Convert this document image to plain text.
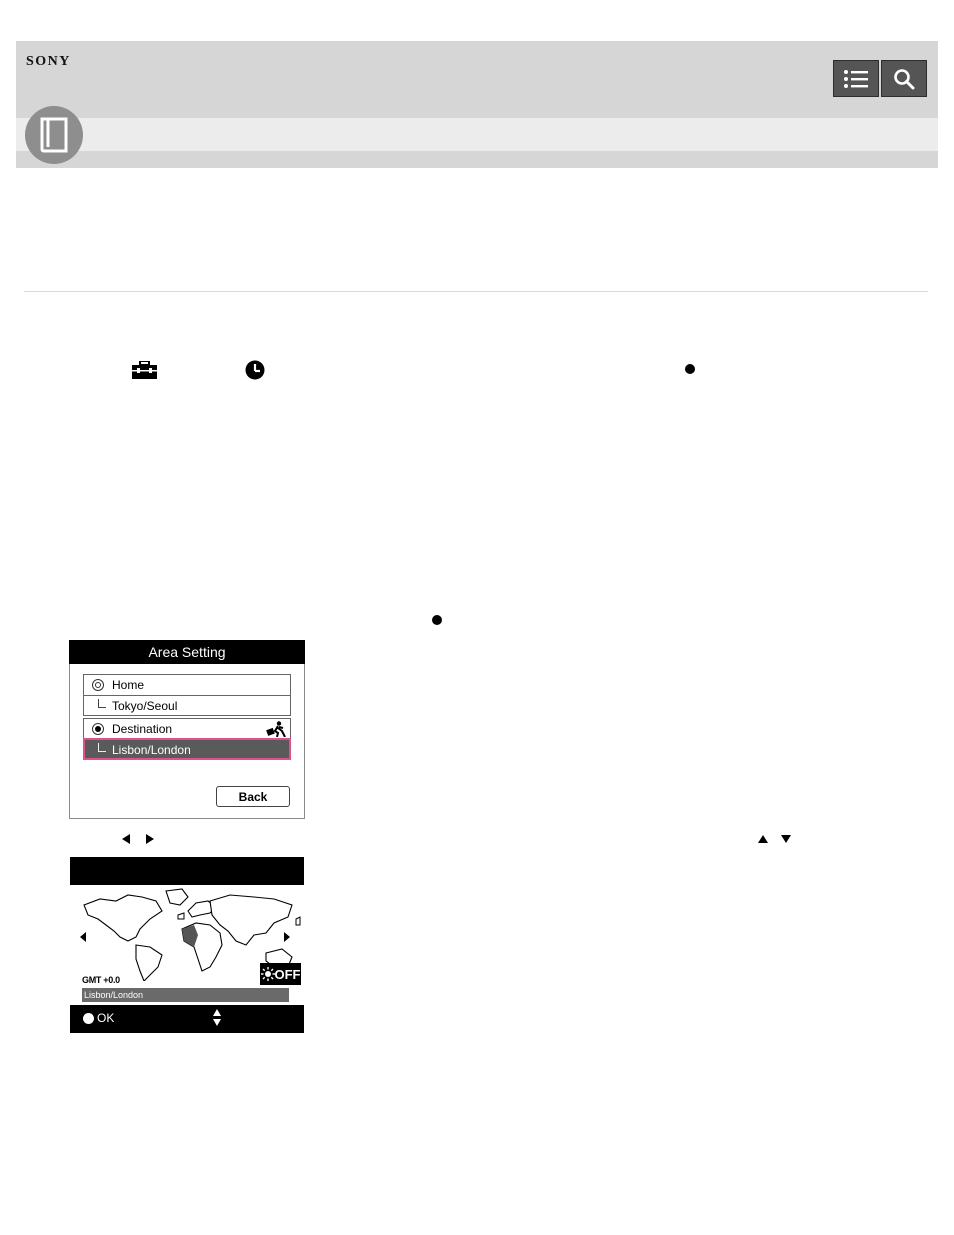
SONY
Area Setting
Home
Tokyo/Seoul
Destination
Lisbon/London
Back
OFF
GMT +0.0
Lisbon/London
OK
